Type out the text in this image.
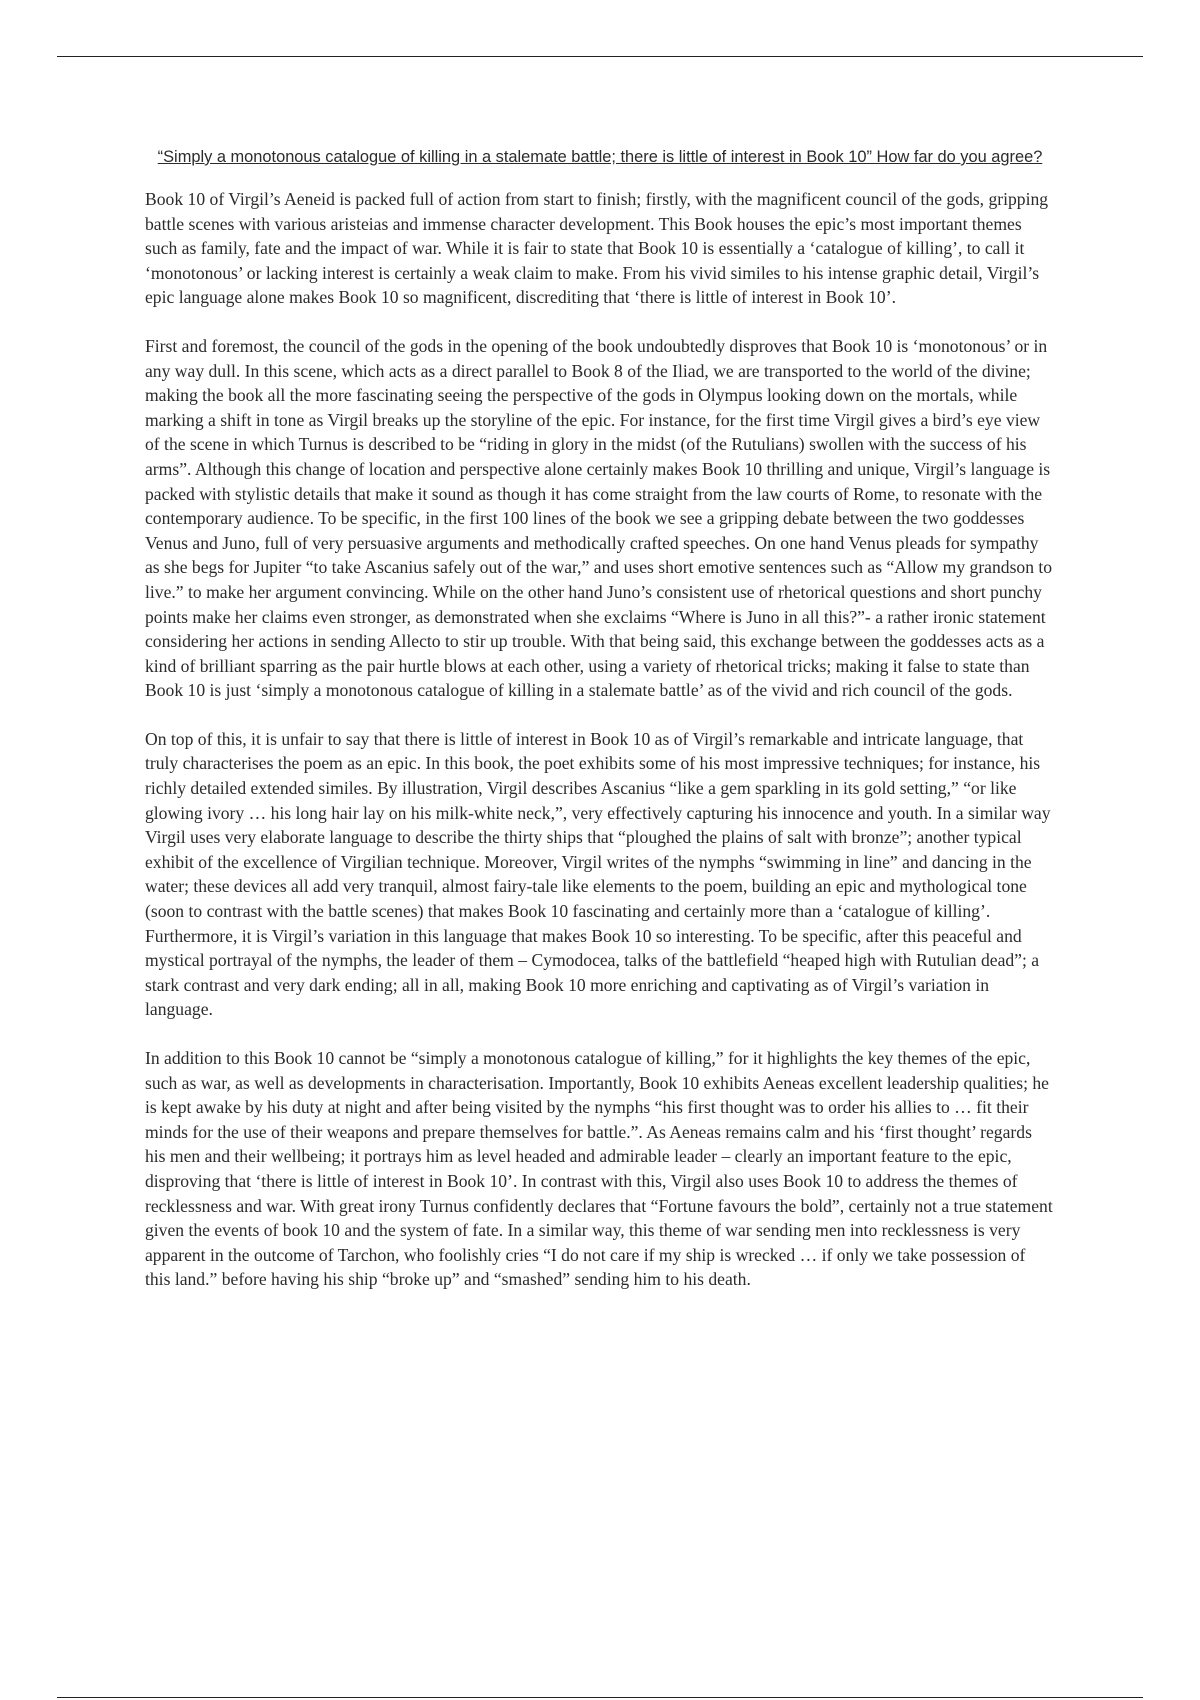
“Simply a monotonous catalogue of killing in a stalemate battle; there is little of interest in Book 10” How far do you agree?

Book 10 of Virgil’s Aeneid is packed full of action from start to finish; firstly, with the magnificent council of the gods, gripping battle scenes with various aristeias and immense character development. This Book houses the epic’s most important themes such as family, fate and the impact of war. While it is fair to state that Book 10 is essentially a ‘catalogue of killing’, to call it ‘monotonous’ or lacking interest is certainly a weak claim to make. From his vivid similes to his intense graphic detail, Virgil’s epic language alone makes Book 10 so magnificent, discrediting that ‘there is little of interest in Book 10’.

First and foremost, the council of the gods in the opening of the book undoubtedly disproves that Book 10 is ‘monotonous’ or in any way dull. In this scene, which acts as a direct parallel to Book 8 of the Iliad, we are transported to the world of the divine; making the book all the more fascinating seeing the perspective of the gods in Olympus looking down on the mortals, while marking a shift in tone as Virgil breaks up the storyline of the epic. For instance, for the first time Virgil gives a bird’s eye view of the scene in which Turnus is described to be “riding in glory in the midst (of the Rutulians) swollen with the success of his arms”. Although this change of location and perspective alone certainly makes Book 10 thrilling and unique, Virgil’s language is packed with stylistic details that make it sound as though it has come straight from the law courts of Rome, to resonate with the contemporary audience. To be specific, in the first 100 lines of the book we see a gripping debate between the two goddesses Venus and Juno, full of very persuasive arguments and methodically crafted speeches. On one hand Venus pleads for sympathy as she begs for Jupiter “to take Ascanius safely out of the war,” and uses short emotive sentences such as “Allow my grandson to live.” to make her argument convincing. While on the other hand Juno’s consistent use of rhetorical questions and short punchy points make her claims even stronger, as demonstrated when she exclaims “Where is Juno in all this?”- a rather ironic statement considering her actions in sending Allecto to stir up trouble. With that being said, this exchange between the goddesses acts as a kind of brilliant sparring as the pair hurtle blows at each other, using a variety of rhetorical tricks; making it false to state than Book 10 is just ‘simply a monotonous catalogue of killing in a stalemate battle’ as of the vivid and rich council of the gods.

On top of this, it is unfair to say that there is little of interest in Book 10 as of Virgil’s remarkable and intricate language, that truly characterises the poem as an epic. In this book, the poet exhibits some of his most impressive techniques; for instance, his richly detailed extended similes. By illustration, Virgil describes Ascanius “like a gem sparkling in its gold setting,” “or like glowing ivory … his long hair lay on his milk-white neck,”, very effectively capturing his innocence and youth. In a similar way Virgil uses very elaborate language to describe the thirty ships that “ploughed the plains of salt with bronze”; another typical exhibit of the excellence of Virgilian technique. Moreover, Virgil writes of the nymphs “swimming in line” and dancing in the water; these devices all add very tranquil, almost fairy-tale like elements to the poem, building an epic and mythological tone (soon to contrast with the battle scenes) that makes Book 10 fascinating and certainly more than a ‘catalogue of killing’. Furthermore, it is Virgil’s variation in this language that makes Book 10 so interesting. To be specific, after this peaceful and mystical portrayal of the nymphs, the leader of them – Cymodocea, talks of the battlefield “heaped high with Rutulian dead”; a stark contrast and very dark ending; all in all, making Book 10 more enriching and captivating as of Virgil’s variation in language.

In addition to this Book 10 cannot be “simply a monotonous catalogue of killing,” for it highlights the key themes of the epic, such as war, as well as developments in characterisation. Importantly, Book 10 exhibits Aeneas excellent leadership qualities; he is kept awake by his duty at night and after being visited by the nymphs “his first thought was to order his allies to … fit their minds for the use of their weapons and prepare themselves for battle.”. As Aeneas remains calm and his ‘first thought’ regards his men and their wellbeing; it portrays him as level headed and admirable leader – clearly an important feature to the epic, disproving that ‘there is little of interest in Book 10’. In contrast with this, Virgil also uses Book 10 to address the themes of recklessness and war. With great irony Turnus confidently declares that “Fortune favours the bold”, certainly not a true statement given the events of book 10 and the system of fate. In a similar way, this theme of war sending men into recklessness is very apparent in the outcome of Tarchon, who foolishly cries “I do not care if my ship is wrecked … if only we take possession of this land.” before having his ship “broke up” and “smashed” sending him to his death.
